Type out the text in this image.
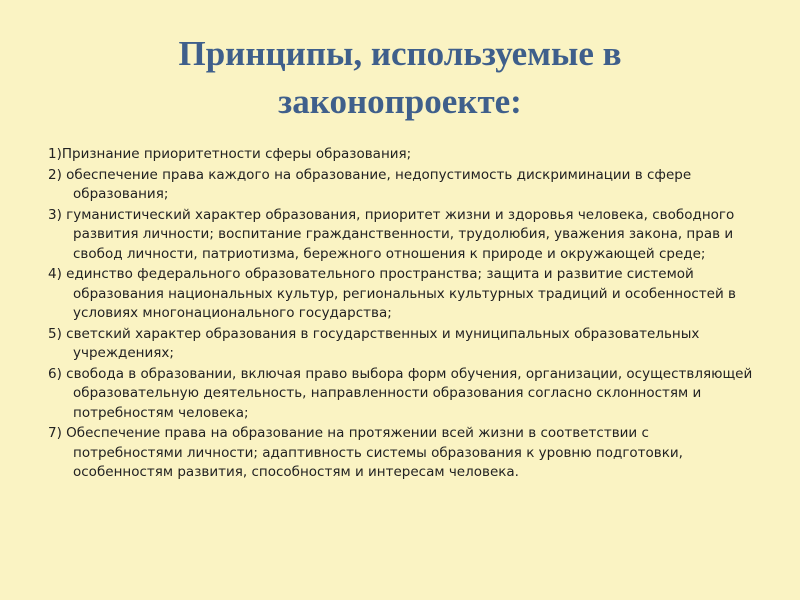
Принципы, используемые в
законопроекте:

1)Признание приоритетности сферы образования;

2) обеспечение права каждого на образование, недопустимость дискриминации в сфере образования;

3) гуманистический характер образования, приоритет жизни и здоровья человека, свободного развития личности; воспитание гражданственности, трудолюбия, уважения закона, прав и свобод личности, патриотизма, бережного отношения к природе и окружающей среде;

4) единство федерального образовательного пространства; защита и развитие системой образования национальных культур, региональных культурных традиций и особенностей в условиях многонационального государства;

5) светский характер образования в государственных и муниципальных образовательных учреждениях;

6) свобода в образовании, включая право выбора форм обучения, организации, осуществляющей образовательную деятельность, направленности образования согласно склонностям и потребностям человека;

7) Обеспечение права на образование на протяжении всей жизни в соответствии с потребностями личности; адаптивность системы образования к уровню подготовки, особенностям развития, способностям и интересам человека.
